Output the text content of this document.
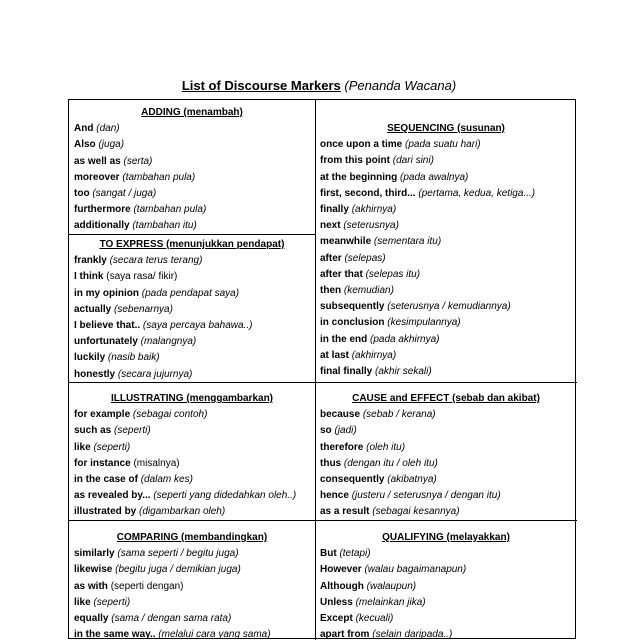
List of Discourse Markers (Penanda Wacana)
ADDING (menambah)
And (dan)
Also (juga)
as well as (serta)
moreover (tambahan pula)
too (sangat / juga)
furthermore (tambahan pula)
additionally (tambahan itu)
TO EXPRESS (menunjukkan pendapat)
frankly (secara terus terang)
I think (saya rasa/ fikir)
in my opinion (pada pendapat saya)
actually (sebenarnya)
I believe that.. (saya percaya bahawa..)
unfortunately (malangnya)
luckily (nasib baik)
honestly (secara jujurnya)
SEQUENCING (susunan)
once upon a time (pada suatu hari)
from this point (dari sini)
at the beginning (pada awalnya)
first, second, third... (pertama, kedua, ketiga...)
finally (akhirnya)
next (seterusnya)
meanwhile (sementara itu)
after (selepas)
after that (selepas itu)
then (kemudian)
subsequently (seterusnya / kemudiannya)
in conclusion (kesimpulannya)
in the end (pada akhirnya)
at last (akhirnya)
final finally (akhir sekali)
ILLUSTRATING (menggambarkan)
for example (sebagai contoh)
such as (seperti)
like (seperti)
for instance (misalnya)
in the case of (dalam kes)
as revealed by... (seperti yang didedahkan oleh..)
illustrated by (digambarkan oleh)
CAUSE and EFFECT (sebab dan akibat)
because (sebab / kerana)
so (jadi)
therefore (oleh itu)
thus (dengan itu / oleh itu)
consequently (akibatnya)
hence (justeru / seterusnya / dengan itu)
as a result (sebagai kesannya)
COMPARING (membandingkan)
similarly (sama seperti / begitu juga)
likewise (begitu juga / demikian juga)
as with (seperti dengan)
like (seperti)
equally (sama / dengan sama rata)
in the same way.. (melalui cara yang sama)
QUALIFYING (melayakkan)
But (tetapi)
However (walau bagaimanapun)
Although (walaupun)
Unless (melainkan jika)
Except (kecuali)
apart from (selain daripada..)
